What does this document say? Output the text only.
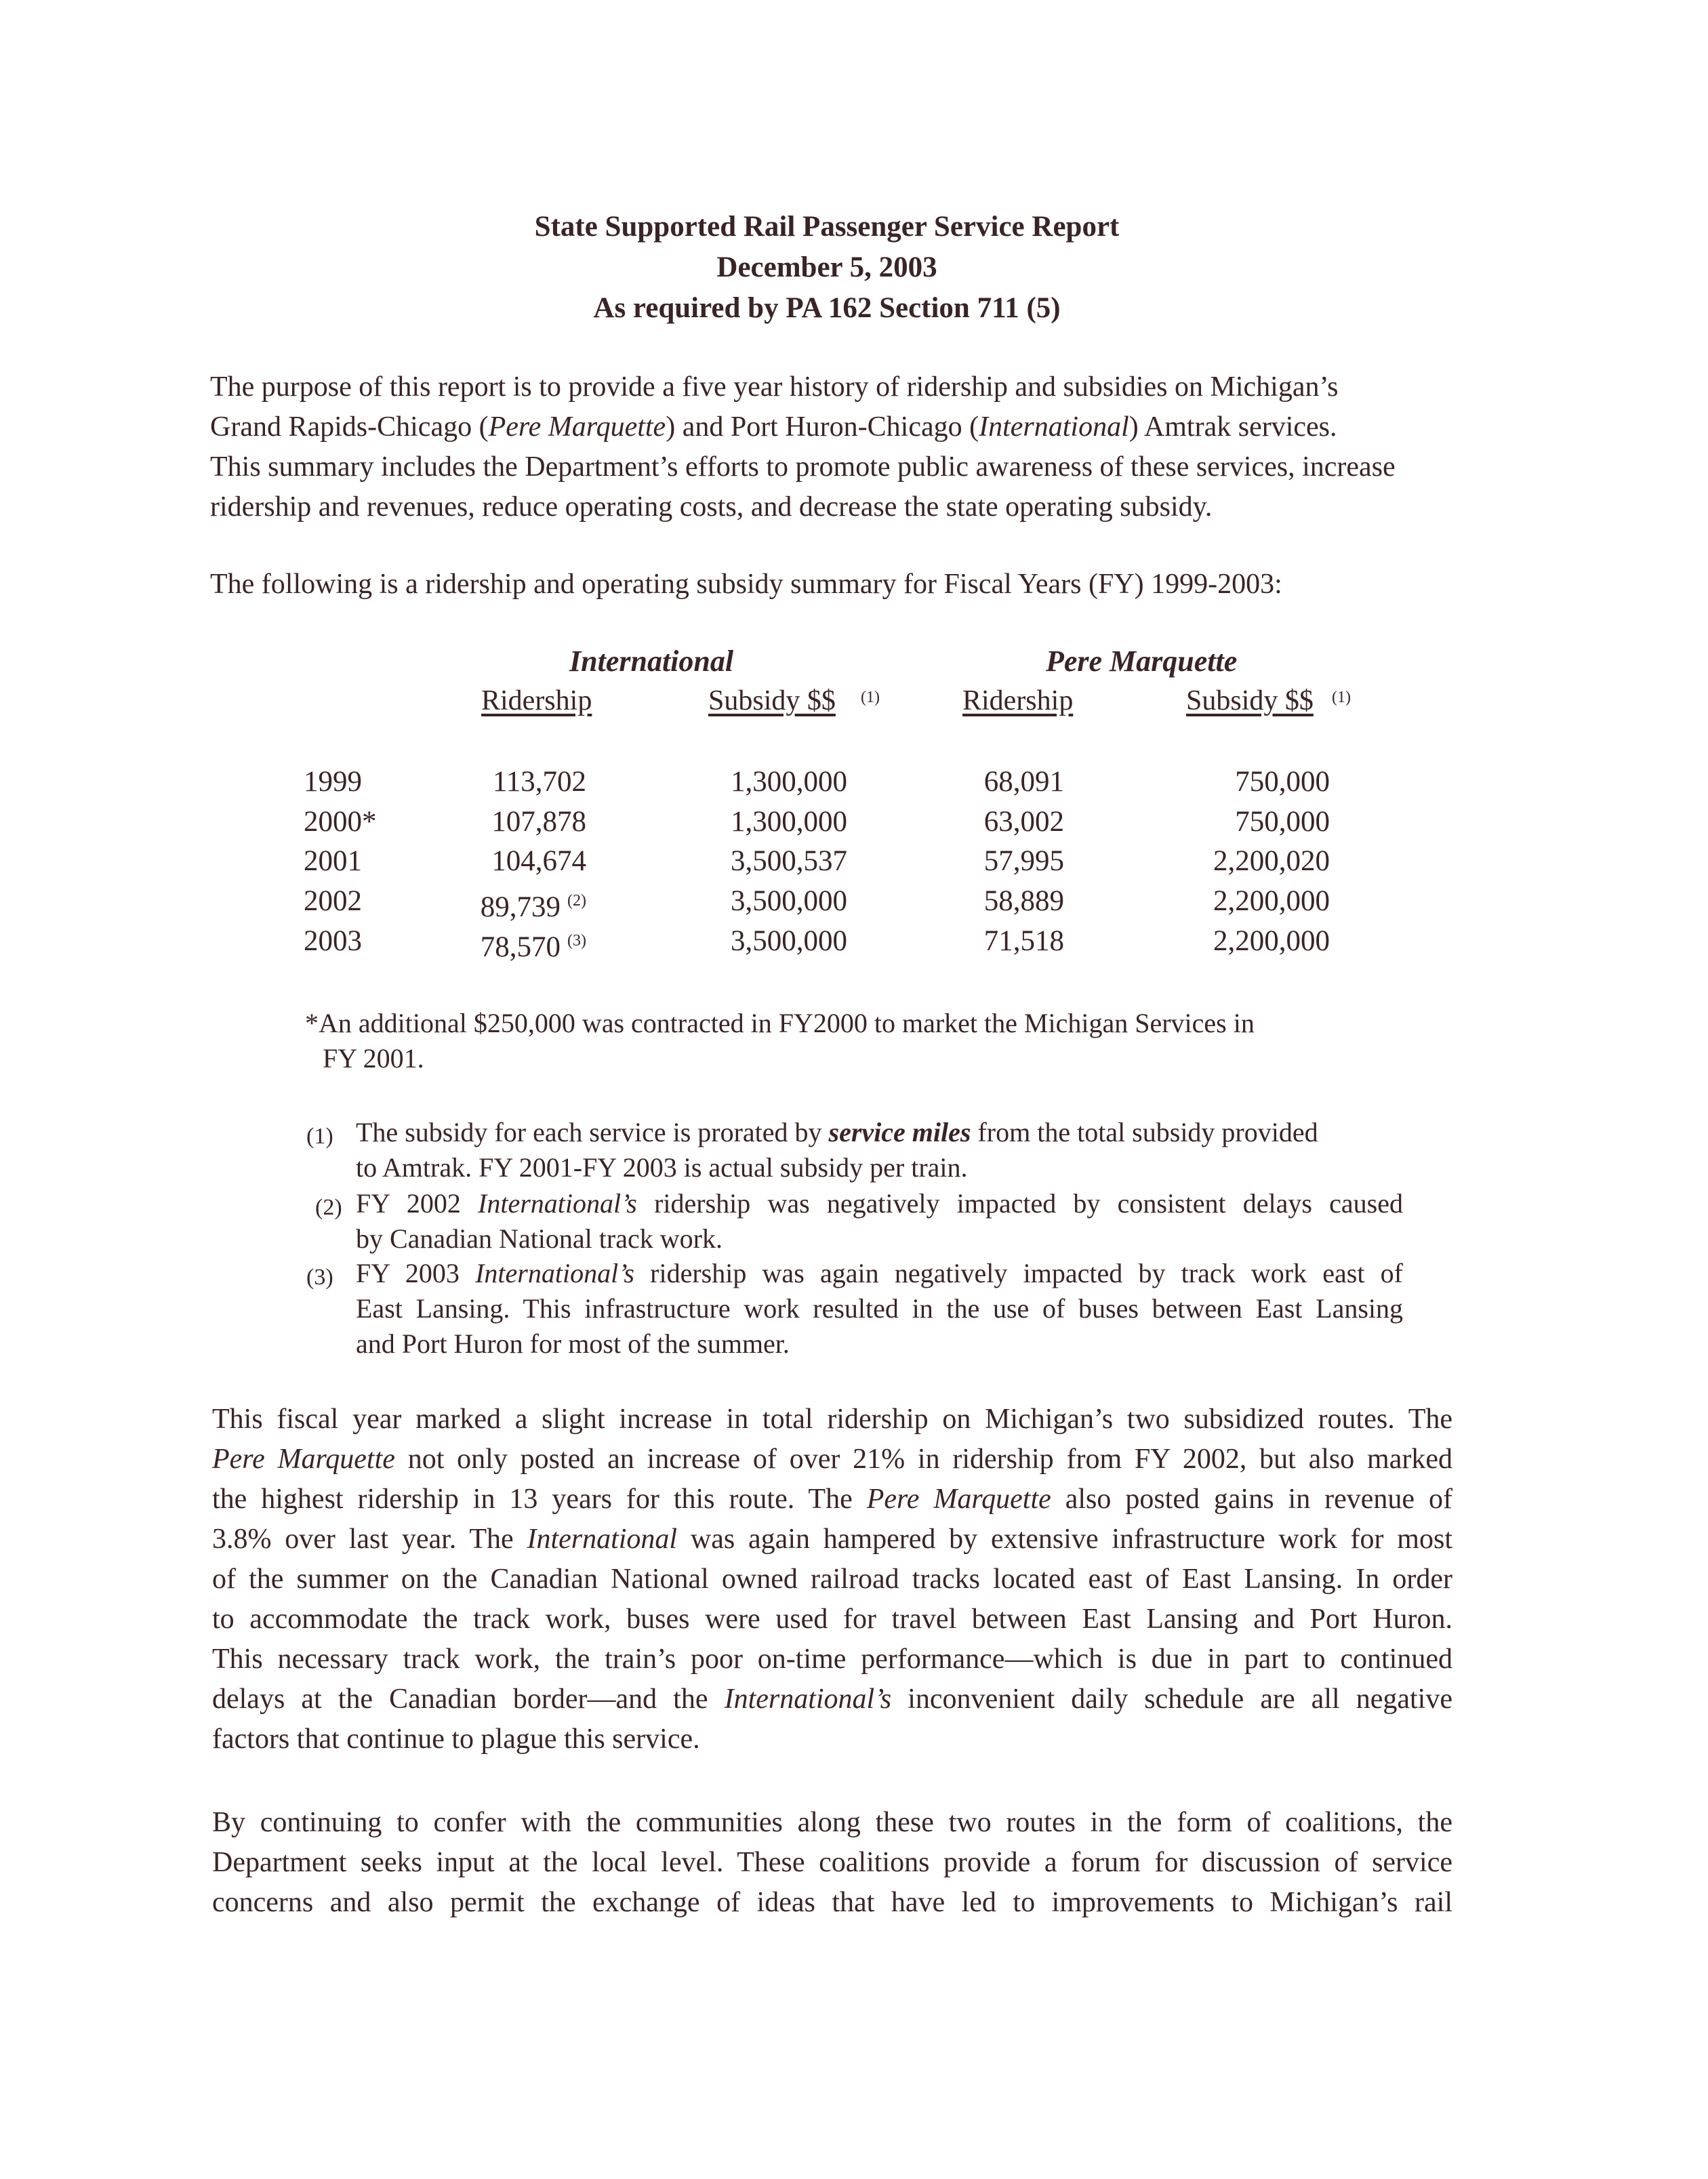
State Supported Rail Passenger Service Report
December 5, 2003
As required by PA 162 Section 711 (5)
The purpose of this report is to provide a five year history of ridership and subsidies on Michigan’s
Grand Rapids-Chicago (Pere Marquette) and Port Huron-Chicago (International) Amtrak services.
This summary includes the Department’s efforts to promote public awareness of these services, increase
ridership and revenues, reduce operating costs, and decrease the state operating subsidy.
The following is a ridership and operating subsidy summary for Fiscal Years (FY) 1999-2003:
International	Pere Marquette
Ridership	Subsidy $$	$^{(1)}$	Ridership	Subsidy $$	$^{(1)}$
1999	113,702	1,300,000	68,091	750,000
2000*	107,878	1,300,000	63,002	750,000
2001	104,674	3,500,537	57,995	2,200,020
2002	89,739 $^{(2)}$	3,500,000	58,889	2,200,000
2003	78,570 $^{(3)}$	3,500,000	71,518	2,200,000
*An additional $250,000 was contracted in FY2000 to market the Michigan Services in
FY 2001.
(1) The subsidy for each service is prorated by service miles from the total subsidy provided
to Amtrak. FY 2001-FY 2003 is actual subsidy per train.
(2) FY 2002 International’s ridership was negatively impacted by consistent delays caused
by Canadian National track work.
(3) FY 2003 International’s ridership was again negatively impacted by track work east of
East Lansing. This infrastructure work resulted in the use of buses between East Lansing
and Port Huron for most of the summer.
This fiscal year marked a slight increase in total ridership on Michigan’s two subsidized routes. The
Pere Marquette not only posted an increase of over 21% in ridership from FY 2002, but also marked
the highest ridership in 13 years for this route. The Pere Marquette also posted gains in revenue of
3.8% over last year. The International was again hampered by extensive infrastructure work for most
of the summer on the Canadian National owned railroad tracks located east of East Lansing. In order
to accommodate the track work, buses were used for travel between East Lansing and Port Huron.
This necessary track work, the train’s poor on-time performance—which is due in part to continued
delays at the Canadian border—and the International’s inconvenient daily schedule are all negative
factors that continue to plague this service.
By continuing to confer with the communities along these two routes in the form of coalitions, the
Department seeks input at the local level. These coalitions provide a forum for discussion of service
concerns and also permit the exchange of ideas that have led to improvements to Michigan’s rail
